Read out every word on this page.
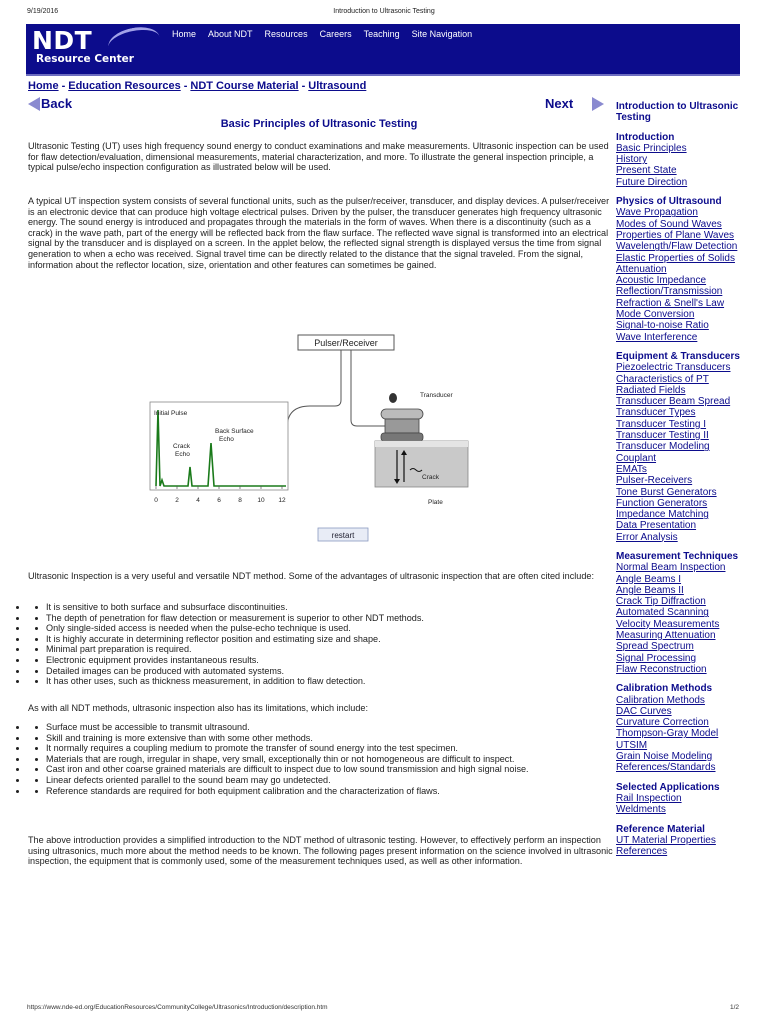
9/19/2016	Introduction to Ultrasonic Testing
NDT
Resource Center
Home	About NDT	Resources	Careers	Teaching	Site Navigation
Home - Education Resources - NDT Course Material - Ultrasound
Back	Next
Basic Principles of Ultrasonic Testing
Ultrasonic Testing (UT) uses high frequency sound energy to conduct examinations and make measurements. Ultrasonic inspection can be used for flaw detection/evaluation, dimensional measurements, material characterization, and more. To illustrate the general inspection principle, a typical pulse/echo inspection configuration as illustrated below will be used.
A typical UT inspection system consists of several functional units, such as the pulser/receiver, transducer, and display devices. A pulser/receiver is an electronic device that can produce high voltage electrical pulses. Driven by the pulser, the transducer generates high frequency ultrasonic energy. The sound energy is introduced and propagates through the materials in the form of waves. When there is a discontinuity (such as a crack) in the wave path, part of the energy will be reflected back from the flaw surface. The reflected wave signal is transformed into an electrical signal by the transducer and is displayed on a screen. In the applet below, the reflected signal strength is displayed versus the time from signal generation to when a echo was received. Signal travel time can be directly related to the distance that the signal traveled. From the signal, information about the reflector location, size, orientation and other features can sometimes be gained.
Pulser/Receiver
Initial Pulse
Crack
Echo
Back Surface
Echo
0	2	4	6	8 10 12
Transducer
Crack
Plate
restart
Ultrasonic Inspection is a very useful and versatile NDT method. Some of the advantages of ultrasonic inspection that are often cited include:
• It is sensitive to both surface and subsurface discontinuities.
• The depth of penetration for flaw detection or measurement is superior to other NDT methods.
• Only single-sided access is needed when the pulse-echo technique is used.
• It is highly accurate in determining reflector position and estimating size and shape.
• Minimal part preparation is required.
• Electronic equipment provides instantaneous results.
• Detailed images can be produced with automated systems.
• It has other uses, such as thickness measurement, in addition to flaw detection.
As with all NDT methods, ultrasonic inspection also has its limitations, which include:
• Surface must be accessible to transmit ultrasound.
• Skill and training is more extensive than with some other methods.
• It normally requires a coupling medium to promote the transfer of sound energy into the test specimen.
• Materials that are rough, irregular in shape, very small, exceptionally thin or not homogeneous are difficult to inspect.
• Cast iron and other coarse grained materials are difficult to inspect due to low sound transmission and high signal noise.
• Linear defects oriented parallel to the sound beam may go undetected.
• Reference standards are required for both equipment calibration and the characterization of flaws.
The above introduction provides a simplified introduction to the NDT method of ultrasonic testing. However, to effectively perform an inspection using ultrasonics, much more about the method needs to be known. The following pages present information on the science involved in ultrasonic inspection, the equipment that is commonly used, some of the measurement techniques used, as well as other information.
Introduction to Ultrasonic Testing
Introduction
Basic Principles
History
Present State
Future Direction
Physics of Ultrasound
Wave Propagation
Modes of Sound Waves
Properties of Plane Waves
Wavelength/Flaw Detection
Elastic Properties of Solids
Attenuation
Acoustic Impedance
Reflection/Transmission
Refraction & Snell's Law
Mode Conversion
Signal-to-noise Ratio
Wave Interference
Equipment & Transducers
Piezoelectric Transducers
Characteristics of PT
Radiated Fields
Transducer Beam Spread
Transducer Types
Transducer Testing I
Transducer Testing II
Transducer Modeling
Couplant
EMATs
Pulser-Receivers
Tone Burst Generators
Function Generators
Impedance Matching
Data Presentation
Error Analysis
Measurement Techniques
Normal Beam Inspection
Angle Beams I
Angle Beams II
Crack Tip Diffraction
Automated Scanning
Velocity Measurements
Measuring Attenuation
Spread Spectrum
Signal Processing
Flaw Reconstruction
Calibration Methods
Calibration Methods
DAC Curves
Curvature Correction
Thompson-Gray Model
UTSIM
Grain Noise Modeling
References/Standards
Selected Applications
Rail Inspection
Weldments
Reference Material
UT Material Properties
References
https://www.nde-ed.org/EducationResources/CommunityCollege/Ultrasonics/Introduction/description.htm	1/2
